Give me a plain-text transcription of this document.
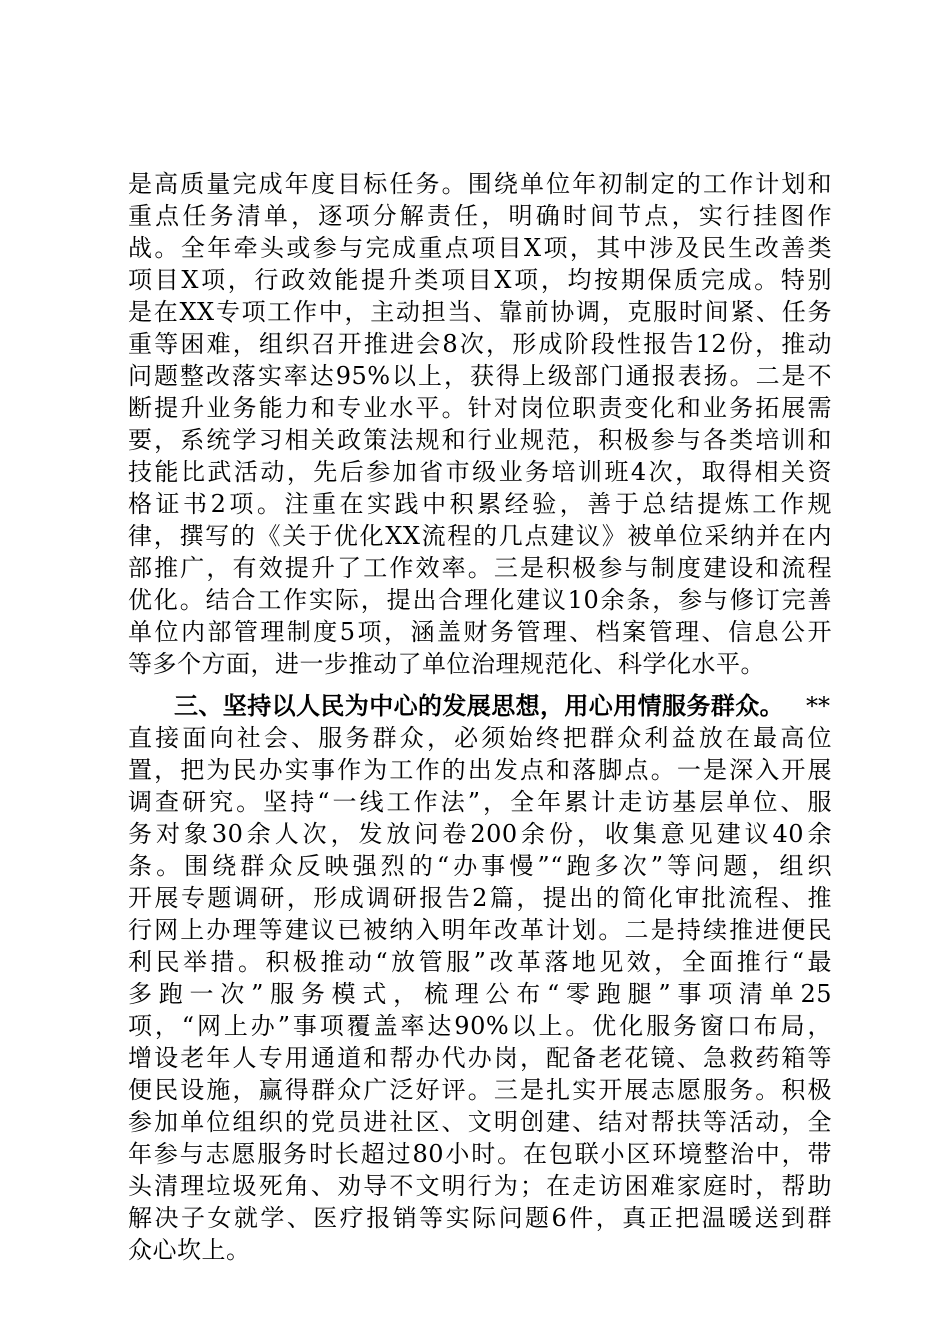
是高质量完成年度目标任务。围绕单位年初制定的工作计划和
重点任务清单，逐项分解责任，明确时间节点，实行挂图作
战。全年牵头或参与完成重点项目X项，其中涉及民生改善类
项目X项，行政效能提升类项目X项，均按期保质完成。特别
是在XX专项工作中，主动担当、靠前协调，克服时间紧、任务
重等困难，组织召开推进会8次，形成阶段性报告12份，推动
问题整改落实率达95%以上，获得上级部门通报表扬。二是不
断提升业务能力和专业水平。针对岗位职责变化和业务拓展需
要，系统学习相关政策法规和行业规范，积极参与各类培训和
技能比武活动，先后参加省市级业务培训班4次，取得相关资
格证书2项。注重在实践中积累经验，善于总结提炼工作规
律，撰写的《关于优化XX流程的几点建议》被单位采纳并在内
部推广，有效提升了工作效率。三是积极参与制度建设和流程
优化。结合工作实际，提出合理化建议10余条，参与修订完善
单位内部管理制度5项，涵盖财务管理、档案管理、信息公开
等多个方面，进一步推动了单位治理规范化、科学化水平。
三、坚持以人民为中心的发展思想，用心用情服务群众。 **
直接面向社会、服务群众，必须始终把群众利益放在最高位
置，把为民办实事作为工作的出发点和落脚点。一是深入开展
调查研究。坚持“一线工作法”，全年累计走访基层单位、服
务对象30余人次，发放问卷200余份，收集意见建议40余
条。围绕群众反映强烈的“办事慢”“跑多次”等问题，组织
开展专题调研，形成调研报告2篇，提出的简化审批流程、推
行网上办理等建议已被纳入明年改革计划。二是持续推进便民
利民举措。积极推动“放管服”改革落地见效，全面推行“最
多跑一次”服务模式，梳理公布“零跑腿”事项清单25
项，“网上办”事项覆盖率达90%以上。优化服务窗口布局，
增设老年人专用通道和帮办代办岗，配备老花镜、急救药箱等
便民设施，赢得群众广泛好评。三是扎实开展志愿服务。积极
参加单位组织的党员进社区、文明创建、结对帮扶等活动，全
年参与志愿服务时长超过80小时。在包联小区环境整治中，带
头清理垃圾死角、劝导不文明行为；在走访困难家庭时，帮助
解决子女就学、医疗报销等实际问题6件，真正把温暖送到群
众心坎上。
